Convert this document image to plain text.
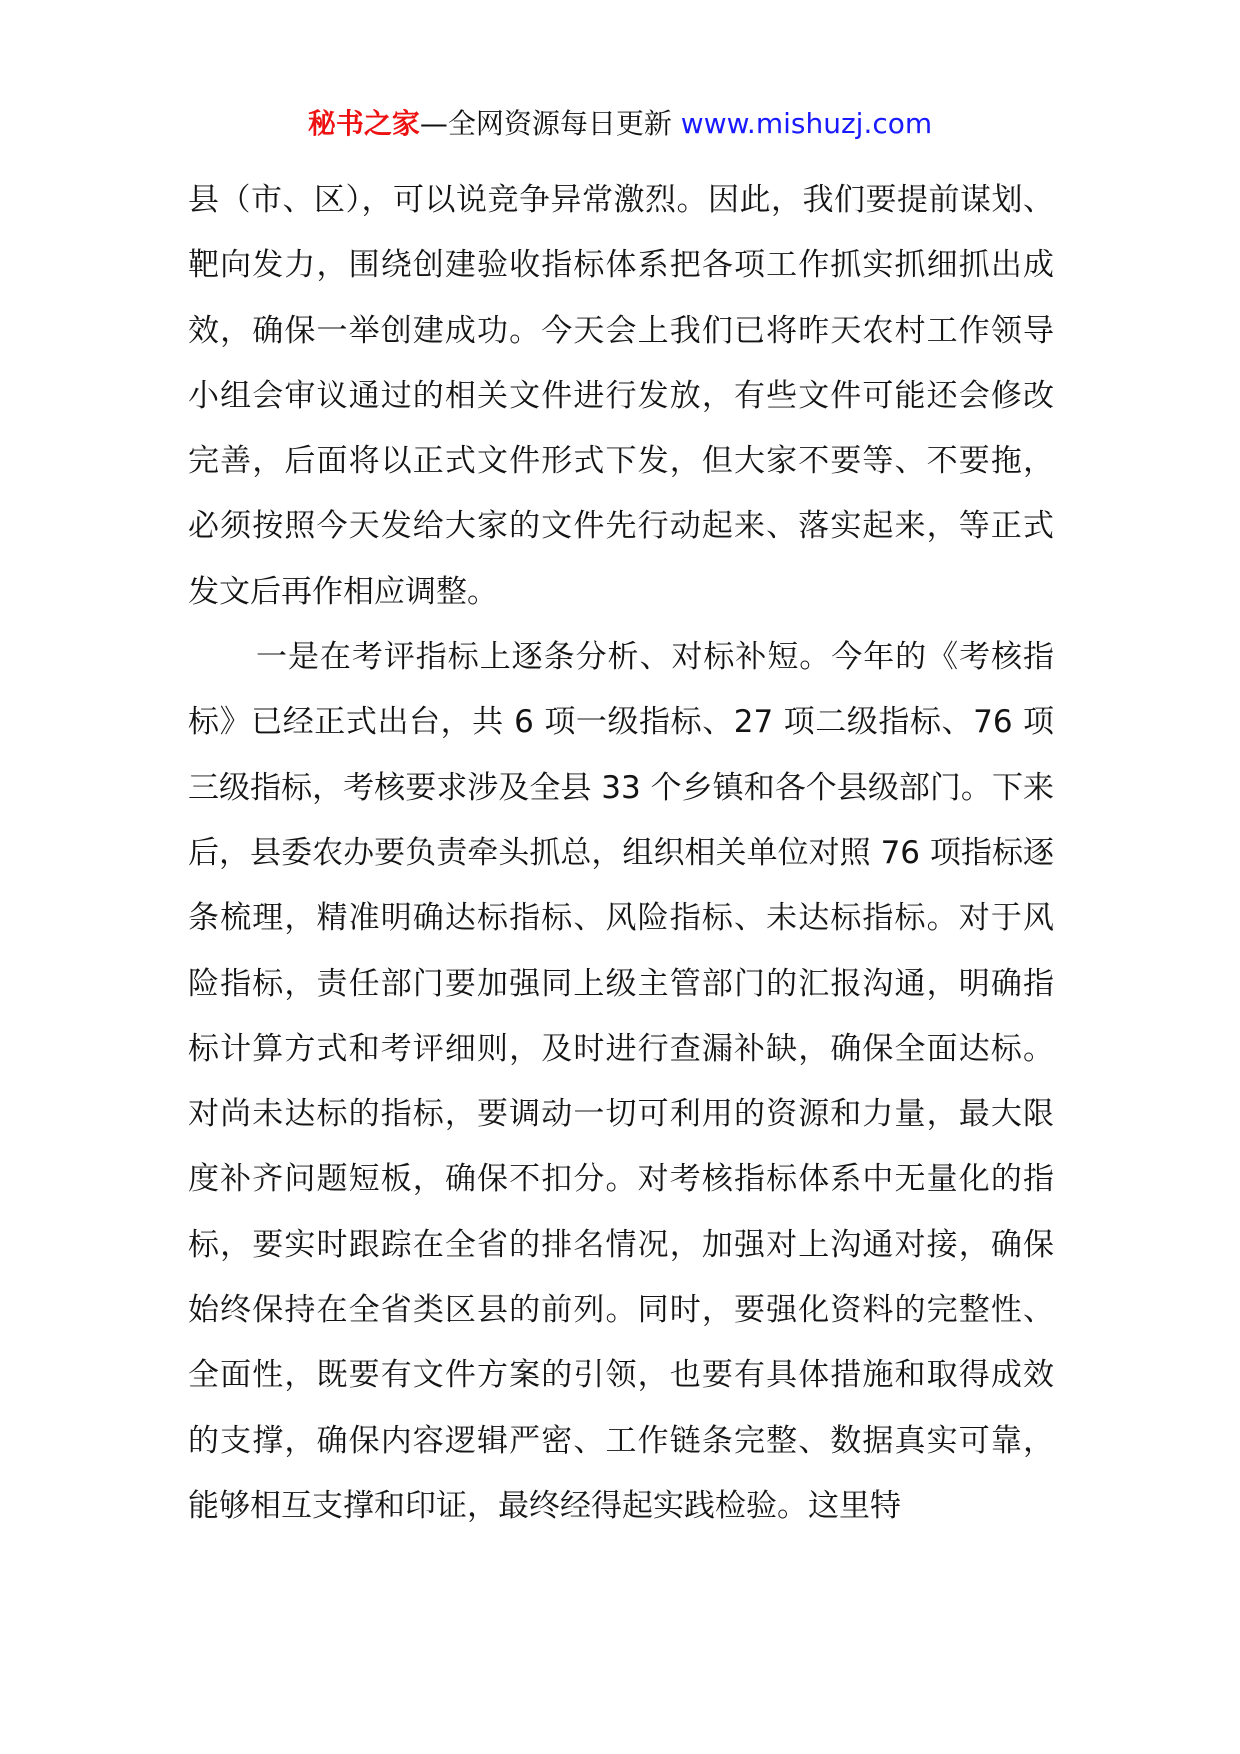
秘书之家—全网资源每日更新 www.mishuzj.com

县（市、区），可以说竞争异常激烈。因此，我们要提前谋划、靶向发力，围绕创建验收指标体系把各项工作抓实抓细抓出成效，确保一举创建成功。今天会上我们已将昨天农村工作领导小组会审议通过的相关文件进行发放，有些文件可能还会修改完善，后面将以正式文件形式下发，但大家不要等、不要拖，必须按照今天发给大家的文件先行动起来、落实起来，等正式发文后再作相应调整。

一是在考评指标上逐条分析、对标补短。今年的《考核指标》已经正式出台，共 6 项一级指标、27 项二级指标、76 项三级指标，考核要求涉及全县 33 个乡镇和各个县级部门。下来后，县委农办要负责牵头抓总，组织相关单位对照 76 项指标逐条梳理，精准明确达标指标、风险指标、未达标指标。对于风险指标，责任部门要加强同上级主管部门的汇报沟通，明确指标计算方式和考评细则，及时进行查漏补缺，确保全面达标。对尚未达标的指标，要调动一切可利用的资源和力量，最大限度补齐问题短板，确保不扣分。对考核指标体系中无量化的指标，要实时跟踪在全省的排名情况，加强对上沟通对接，确保始终保持在全省类区县的前列。同时，要强化资料的完整性、全面性，既要有文件方案的引领，也要有具体措施和取得成效的支撑，确保内容逻辑严密、工作链条完整、数据真实可靠，能够相互支撑和印证，最终经得起实践检验。这里特
